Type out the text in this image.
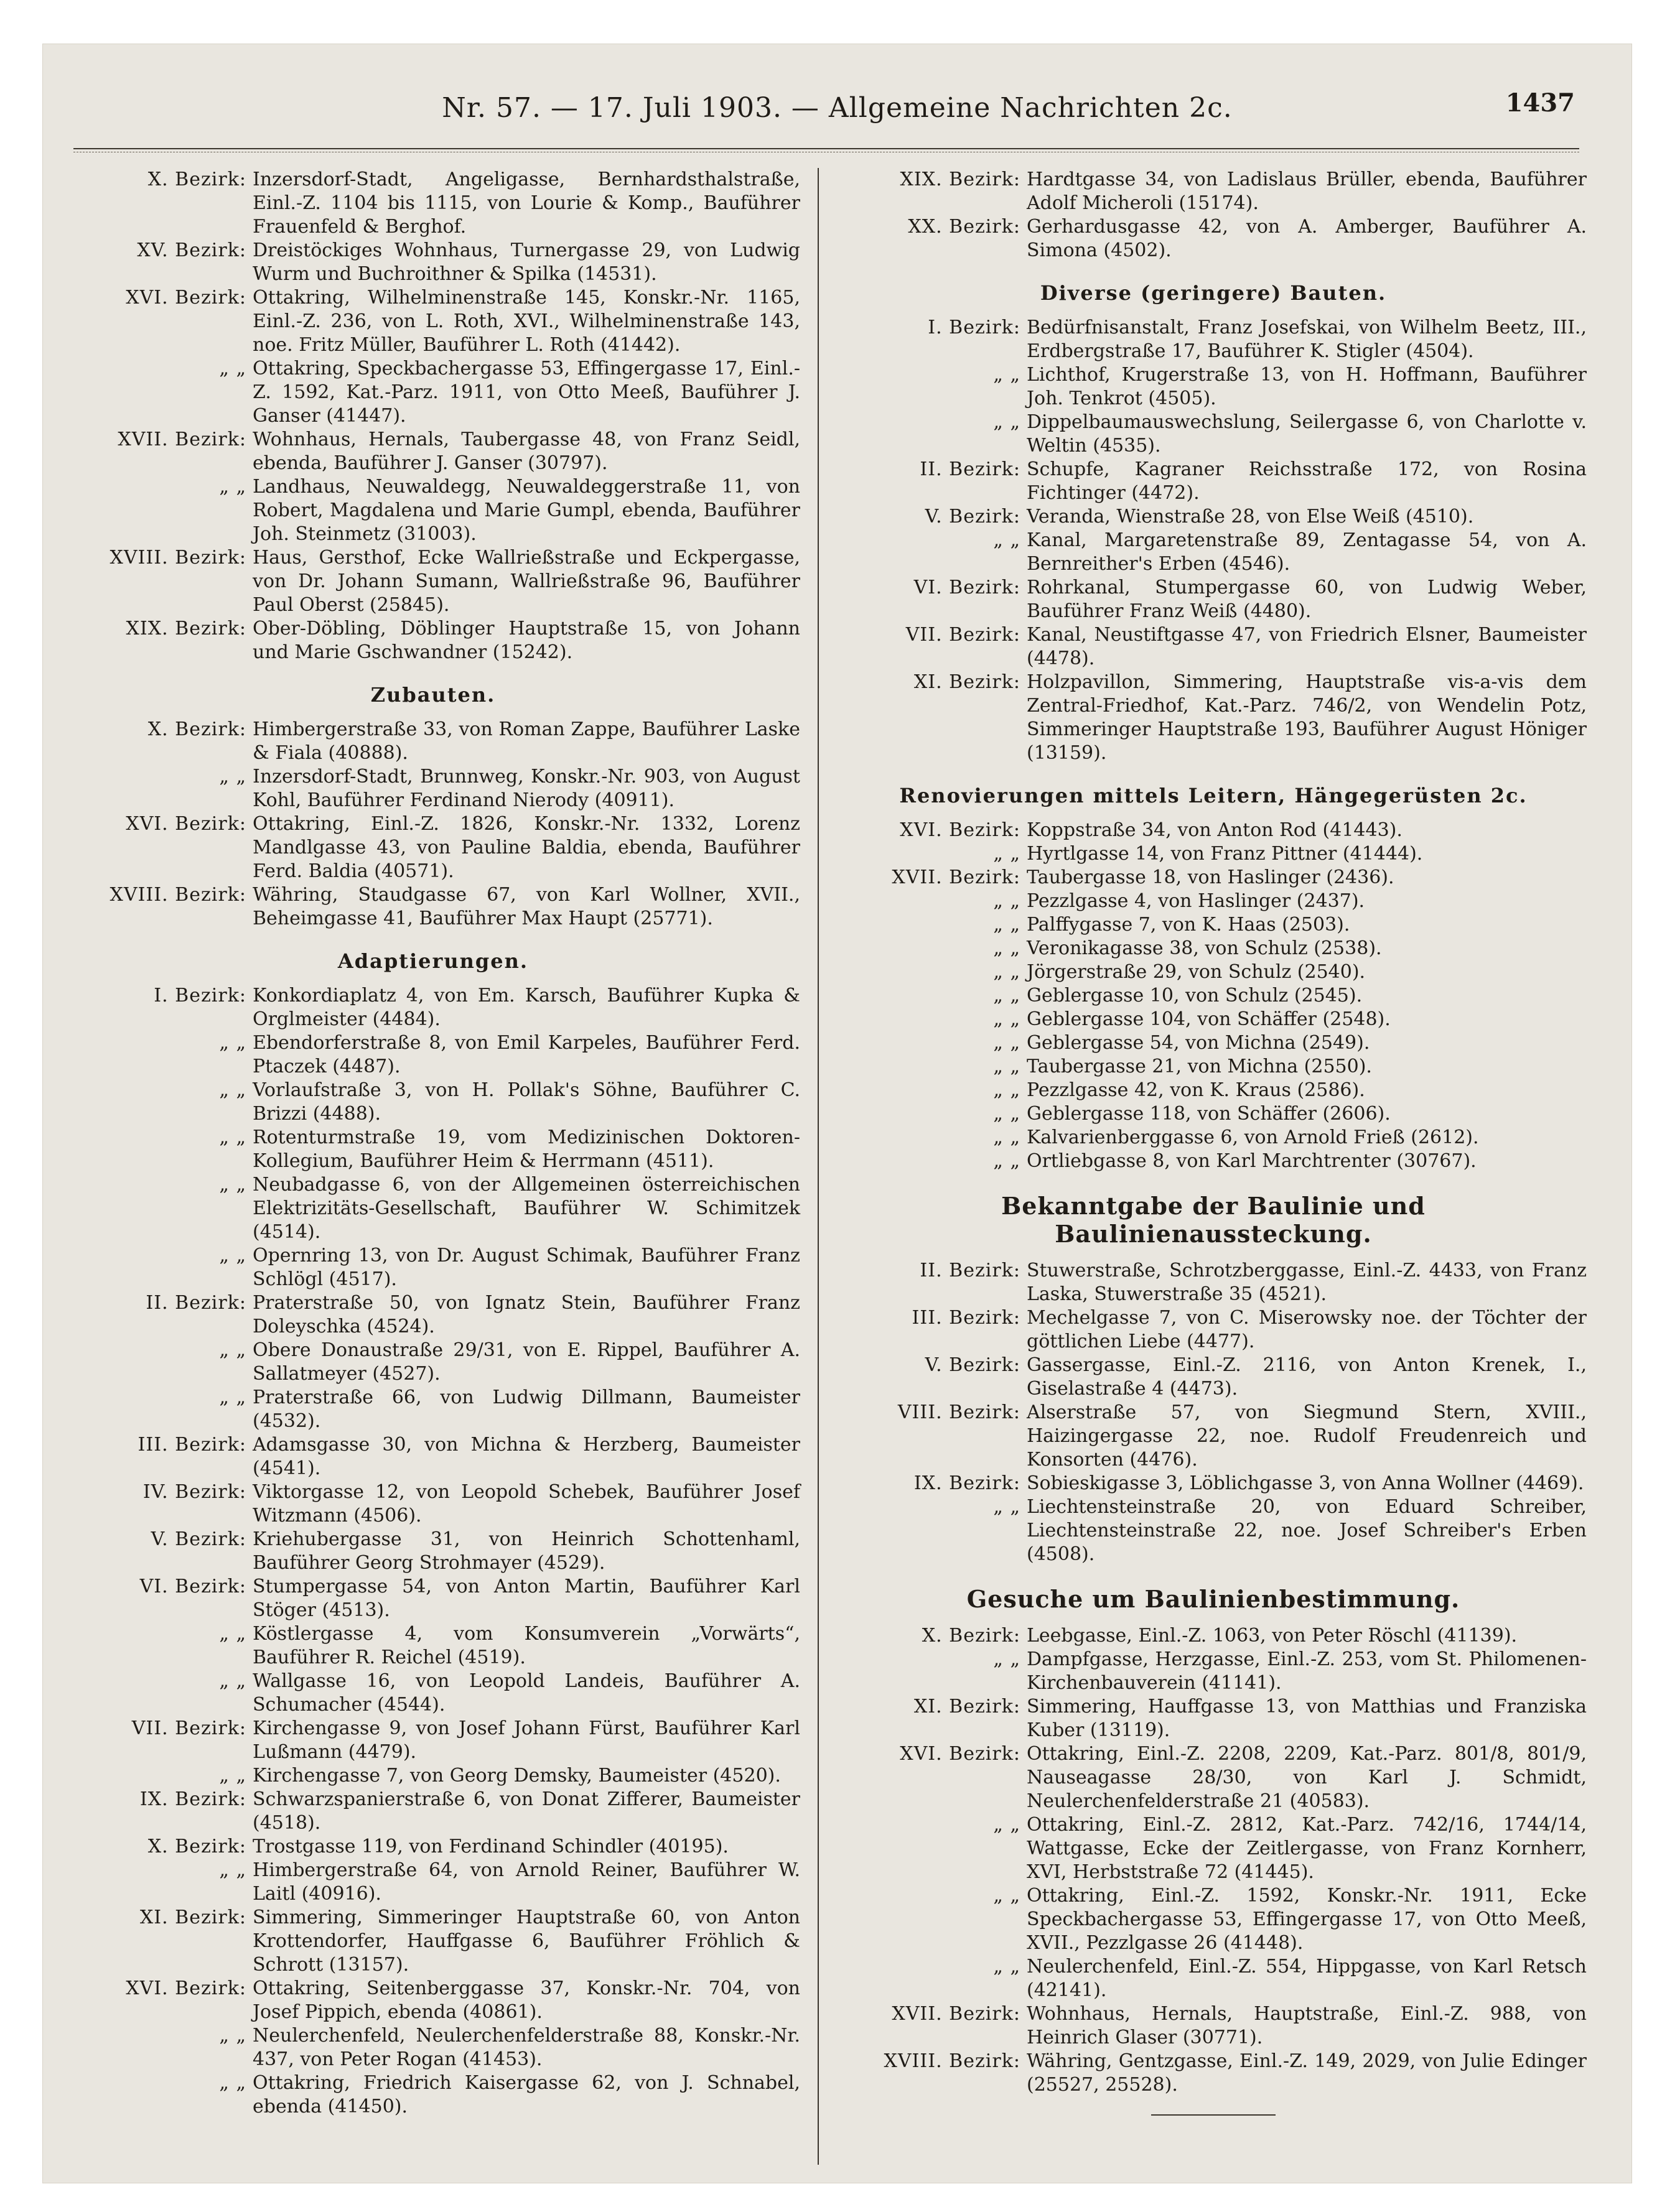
Nr. 57. — 17. Juli 1903. — Allgemeine Nachrichten 2c.	1437
X. Bezirk: Inzersdorf-Stadt, Angeligasse, Bernhardsthalstraße, Einl.-Z. 1104 bis 1115, von Lourie & Komp., Bauführer Frauenfeld & Berghof.
XV. Bezirk: Dreistöckiges Wohnhaus, Turnergasse 29, von Ludwig Wurm und Buchroithner & Spilka (14531).
XVI. Bezirk: Ottakring, Wilhelminenstraße 145, Konskr.-Nr. 1165, Einl.-Z. 236, von L. Roth, XVI., Wilhelminenstraße 143, noe. Fritz Müller, Bauführer L. Roth (41442).
„ „ Ottakring, Speckbachergasse 53, Effingergasse 17, Einl.-Z. 1592, Kat.-Parz. 1911, von Otto Meeß, Bauführer J. Ganser (41447).
XVII. Bezirk: Wohnhaus, Hernals, Taubergasse 48, von Franz Seidl, ebenda, Bauführer J. Ganser (30797).
„ „ Landhaus, Neuwaldegg, Neuwaldeggerstraße 11, von Robert, Magdalena und Marie Gumpl, ebenda, Bauführer Joh. Steinmetz (31003).
XVIII. Bezirk: Haus, Gersthof, Ecke Wallrießstraße und Eckpergasse, von Dr. Johann Sumann, Wallrießstraße 96, Bauführer Paul Oberst (25845).
XIX. Bezirk: Ober-Döbling, Döblinger Hauptstraße 15, von Johann und Marie Gschwandner (15242).
Zubauten.
X. Bezirk: Himbergerstraße 33, von Roman Zappe, Bauführer Laske & Fiala (40888).
„ „ Inzersdorf-Stadt, Brunnweg, Konskr.-Nr. 903, von August Kohl, Bauführer Ferdinand Nierody (40911).
XVI. Bezirk: Ottakring, Einl.-Z. 1826, Konskr.-Nr. 1332, Lorenz Mandlgasse 43, von Pauline Baldia, ebenda, Bauführer Ferd. Baldia (40571).
XVIII. Bezirk: Währing, Staudgasse 67, von Karl Wollner, XVII., Beheimgasse 41, Bauführer Max Haupt (25771).
Adaptierungen.
I. Bezirk: Konkordiaplatz 4, von Em. Karsch, Bauführer Kupka & Orglmeister (4484).
„ „ Ebendorferstraße 8, von Emil Karpeles, Bauführer Ferd. Ptaczek (4487).
„ „ Vorlaufstraße 3, von H. Pollak's Söhne, Bauführer C. Brizzi (4488).
„ „ Rotenturmstraße 19, vom Medizinischen Doktoren-Kollegium, Bauführer Heim & Herrmann (4511).
„ „ Neubadgasse 6, von der Allgemeinen österreichischen Elektrizitäts-Gesellschaft, Bauführer W. Schimitzek (4514).
„ „ Opernring 13, von Dr. August Schimak, Bauführer Franz Schlögl (4517).
II. Bezirk: Praterstraße 50, von Ignatz Stein, Bauführer Franz Doleyschka (4524).
„ „ Obere Donaustraße 29/31, von E. Rippel, Bauführer A. Sallatmeyer (4527).
„ „ Praterstraße 66, von Ludwig Dillmann, Baumeister (4532).
III. Bezirk: Adamsgasse 30, von Michna & Herzberg, Baumeister (4541).
IV. Bezirk: Viktorgasse 12, von Leopold Schebek, Bauführer Josef Witzmann (4506).
V. Bezirk: Kriehubergasse 31, von Heinrich Schottenhaml, Bauführer Georg Strohmayer (4529).
VI. Bezirk: Stumpergasse 54, von Anton Martin, Bauführer Karl Stöger (4513).
„ „ Köstlergasse 4, vom Konsumverein „Vorwärts“, Bauführer R. Reichel (4519).
„ „ Wallgasse 16, von Leopold Landeis, Bauführer A. Schumacher (4544).
VII. Bezirk: Kirchengasse 9, von Josef Johann Fürst, Bauführer Karl Lußmann (4479).
„ „ Kirchengasse 7, von Georg Demsky, Baumeister (4520).
IX. Bezirk: Schwarzspanierstraße 6, von Donat Zifferer, Baumeister (4518).
X. Bezirk: Trostgasse 119, von Ferdinand Schindler (40195).
„ „ Himbergerstraße 64, von Arnold Reiner, Bauführer W. Laitl (40916).
XI. Bezirk: Simmering, Simmeringer Hauptstraße 60, von Anton Krottendorfer, Hauffgasse 6, Bauführer Fröhlich & Schrott (13157).
XVI. Bezirk: Ottakring, Seitenberggasse 37, Konskr.-Nr. 704, von Josef Pippich, ebenda (40861).
„ „ Neulerchenfeld, Neulerchenfelderstraße 88, Konskr.-Nr. 437, von Peter Rogan (41453).
„ „ Ottakring, Friedrich Kaisergasse 62, von J. Schnabel, ebenda (41450).
XIX. Bezirk: Hardtgasse 34, von Ladislaus Brüller, ebenda, Bauführer Adolf Micheroli (15174).
XX. Bezirk: Gerhardusgasse 42, von A. Amberger, Bauführer A. Simona (4502).
Diverse (geringere) Bauten.
I. Bezirk: Bedürfnisanstalt, Franz Josefskai, von Wilhelm Beetz, III., Erdbergstraße 17, Bauführer K. Stigler (4504).
„ „ Lichthof, Krugerstraße 13, von H. Hoffmann, Bauführer Joh. Tenkrot (4505).
„ „ Dippelbaumauswechslung, Seilergasse 6, von Charlotte v. Weltin (4535).
II. Bezirk: Schupfe, Kagraner Reichsstraße 172, von Rosina Fichtinger (4472).
V. Bezirk: Veranda, Wienstraße 28, von Else Weiß (4510).
„ „ Kanal, Margaretenstraße 89, Zentagasse 54, von A. Bernreither's Erben (4546).
VI. Bezirk: Rohrkanal, Stumpergasse 60, von Ludwig Weber, Bauführer Franz Weiß (4480).
VII. Bezirk: Kanal, Neustiftgasse 47, von Friedrich Elsner, Baumeister (4478).
XI. Bezirk: Holzpavillon, Simmering, Hauptstraße vis-a-vis dem Zentral-Friedhof, Kat.-Parz. 746/2, von Wendelin Potz, Simmeringer Hauptstraße 193, Bauführer August Höniger (13159).
Renovierungen mittels Leitern, Hängegerüsten 2c.
XVI. Bezirk: Koppstraße 34, von Anton Rod (41443).
„ „ Hyrtlgasse 14, von Franz Pittner (41444).
XVII. Bezirk: Taubergasse 18, von Haslinger (2436).
„ „ Pezzlgasse 4, von Haslinger (2437).
„ „ Palffygasse 7, von K. Haas (2503).
„ „ Veronikagasse 38, von Schulz (2538).
„ „ Jörgerstraße 29, von Schulz (2540).
„ „ Geblergasse 10, von Schulz (2545).
„ „ Geblergasse 104, von Schäffer (2548).
„ „ Geblergasse 54, von Michna (2549).
„ „ Taubergasse 21, von Michna (2550).
„ „ Pezzlgasse 42, von K. Kraus (2586).
„ „ Geblergasse 118, von Schäffer (2606).
„ „ Kalvarienberggasse 6, von Arnold Frieß (2612).
„ „ Ortliebgasse 8, von Karl Marchtrenter (30767).
Bekanntgabe der Baulinie und Baulinienaussteckung.
II. Bezirk: Stuwerstraße, Schrotzberggasse, Einl.-Z. 4433, von Franz Laska, Stuwerstraße 35 (4521).
III. Bezirk: Mechelgasse 7, von C. Miserowsky noe. der Töchter der göttlichen Liebe (4477).
V. Bezirk: Gassergasse, Einl.-Z. 2116, von Anton Krenek, I., Giselastraße 4 (4473).
VIII. Bezirk: Alserstraße 57, von Siegmund Stern, XVIII., Haizingergasse 22, noe. Rudolf Freudenreich und Konsorten (4476).
IX. Bezirk: Sobieskigasse 3, Löblichgasse 3, von Anna Wollner (4469).
„ „ Liechtensteinstraße 20, von Eduard Schreiber, Liechtensteinstraße 22, noe. Josef Schreiber's Erben (4508).
Gesuche um Baulinienbestimmung.
X. Bezirk: Leebgasse, Einl.-Z. 1063, von Peter Röschl (41139).
„ „ Dampfgasse, Herzgasse, Einl.-Z. 253, vom St. Philomenen-Kirchenbauverein (41141).
XI. Bezirk: Simmering, Hauffgasse 13, von Matthias und Franziska Kuber (13119).
XVI. Bezirk: Ottakring, Einl.-Z. 2208, 2209, Kat.-Parz. 801/8, 801/9, Nauseagasse 28/30, von Karl J. Schmidt, Neulerchenfelderstraße 21 (40583).
„ „ Ottakring, Einl.-Z. 2812, Kat.-Parz. 742/16, 1744/14, Wattgasse, Ecke der Zeitlergasse, von Franz Kornherr, XVI, Herbststraße 72 (41445).
„ „ Ottakring, Einl.-Z. 1592, Konskr.-Nr. 1911, Ecke Speckbachergasse 53, Effingergasse 17, von Otto Meeß, XVII., Pezzlgasse 26 (41448).
„ „ Neulerchenfeld, Einl.-Z. 554, Hippgasse, von Karl Retsch (42141).
XVII. Bezirk: Wohnhaus, Hernals, Hauptstraße, Einl.-Z. 988, von Heinrich Glaser (30771).
XVIII. Bezirk: Währing, Gentzgasse, Einl.-Z. 149, 2029, von Julie Edinger (25527, 25528).
